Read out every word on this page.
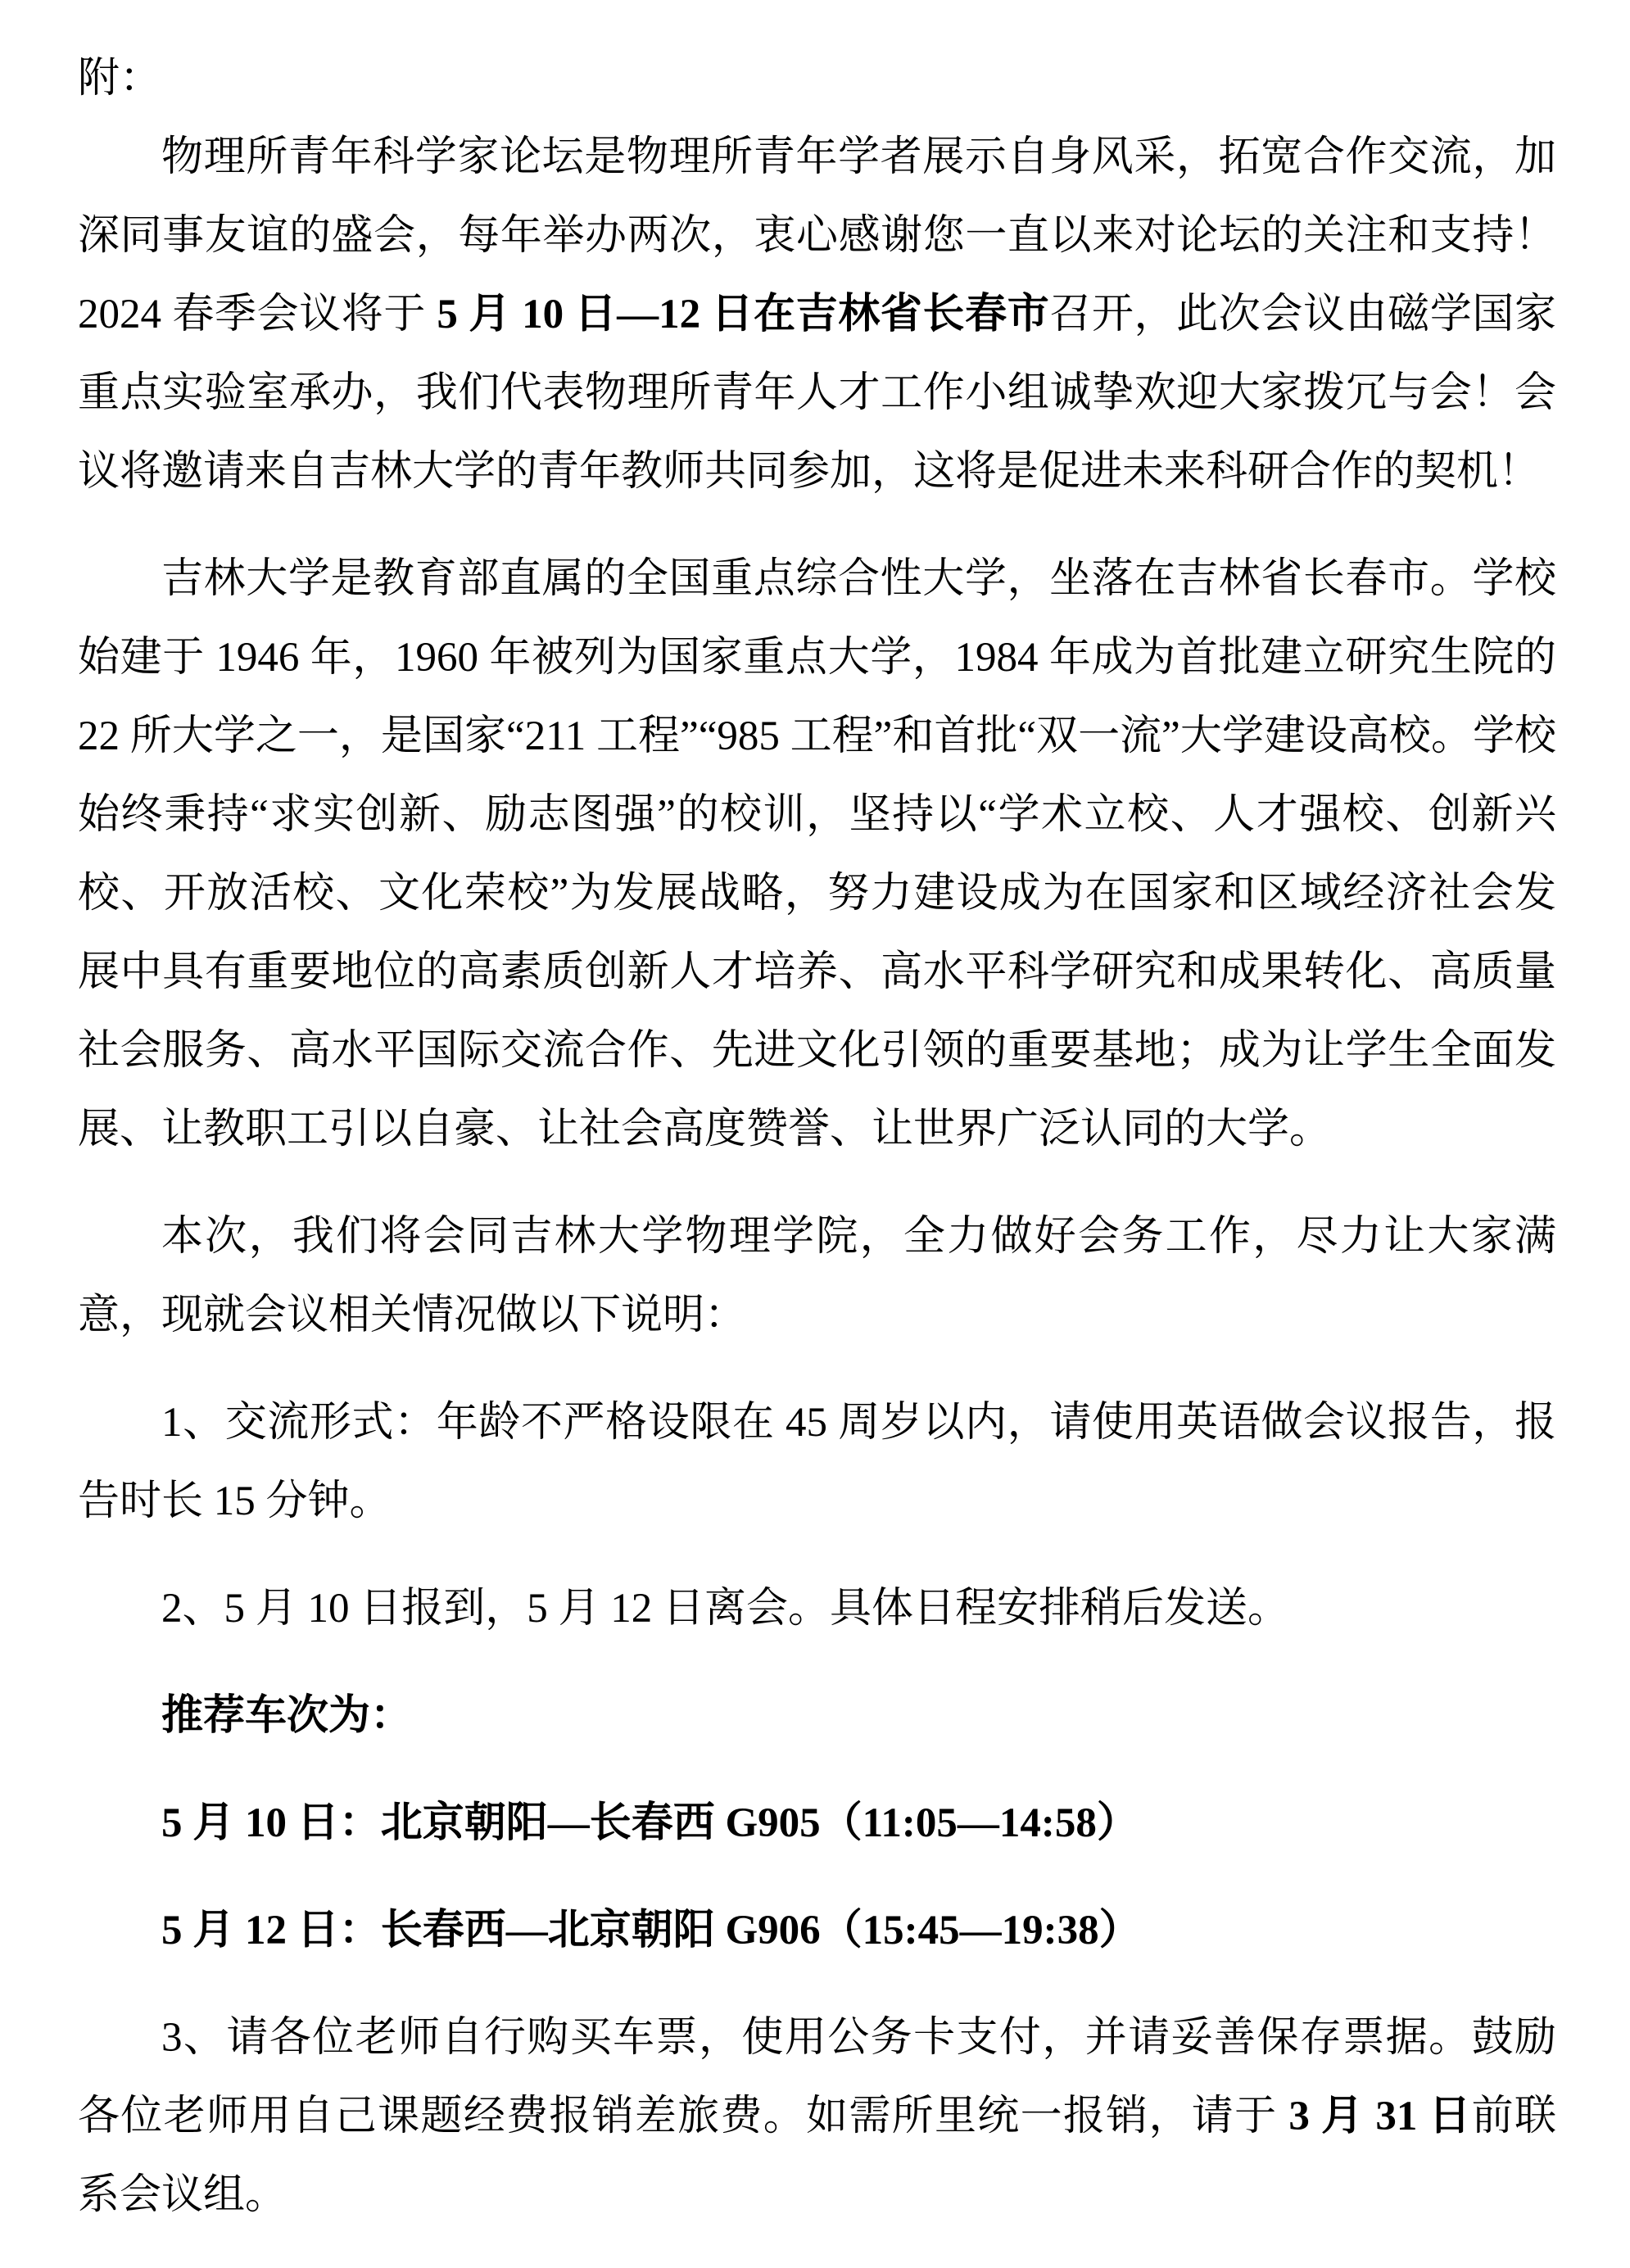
附：

物理所青年科学家论坛是物理所青年学者展示自身风采，拓宽合作交流，加深同事友谊的盛会，每年举办两次，衷心感谢您一直以来对论坛的关注和支持！2024 春季会议将于 5 月 10 日—12 日在吉林省长春市召开，此次会议由磁学国家重点实验室承办，我们代表物理所青年人才工作小组诚挚欢迎大家拨冗与会！会议将邀请来自吉林大学的青年教师共同参加，这将是促进未来科研合作的契机！

吉林大学是教育部直属的全国重点综合性大学，坐落在吉林省长春市。学校始建于 1946 年，1960 年被列为国家重点大学，1984 年成为首批建立研究生院的 22 所大学之一，是国家“211 工程”“985 工程”和首批“双一流”大学建设高校。学校始终秉持“求实创新、励志图强”的校训，坚持以“学术立校、人才强校、创新兴校、开放活校、文化荣校”为发展战略，努力建设成为在国家和区域经济社会发展中具有重要地位的高素质创新人才培养、高水平科学研究和成果转化、高质量社会服务、高水平国际交流合作、先进文化引领的重要基地；成为让学生全面发展、让教职工引以自豪、让社会高度赞誉、让世界广泛认同的大学。

本次，我们将会同吉林大学物理学院，全力做好会务工作，尽力让大家满意，现就会议相关情况做以下说明：

1、交流形式：年龄不严格设限在 45 周岁以内，请使用英语做会议报告，报告时长 15 分钟。

2、5 月 10 日报到，5 月 12 日离会。具体日程安排稍后发送。

推荐车次为：

5 月 10 日：北京朝阳—长春西 G905（11:05—14:58）

5 月 12 日：长春西—北京朝阳 G906（15:45—19:38）

3、请各位老师自行购买车票，使用公务卡支付，并请妥善保存票据。鼓励各位老师用自己课题经费报销差旅费。如需所里统一报销，请于 3 月 31 日前联系会议组。
